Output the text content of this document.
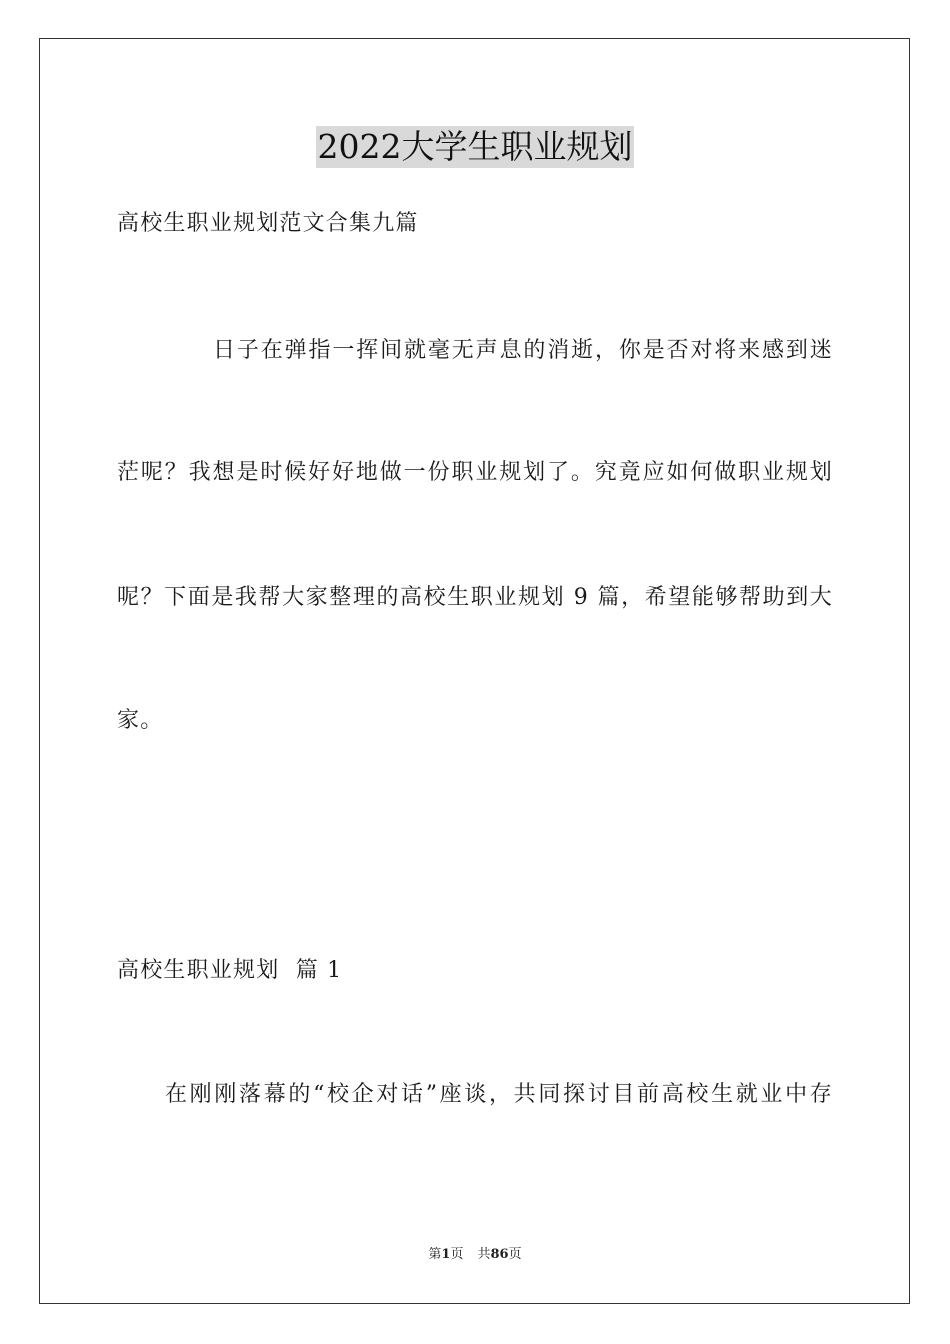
2022大学生职业规划
高校生职业规划范文合集九篇
日子在弹指一挥间就毫无声息的消逝，你是否对将来感到迷
茫呢？我想是时候好好地做一份职业规划了。究竟应如何做职业规划
呢？下面是我帮大家整理的高校生职业规划 9 篇，希望能够帮助到大
家。
高校生职业规划  篇 1
在刚刚落幕的“校企对话”座谈，共同探讨目前高校生就业中存
第1页 共86页
